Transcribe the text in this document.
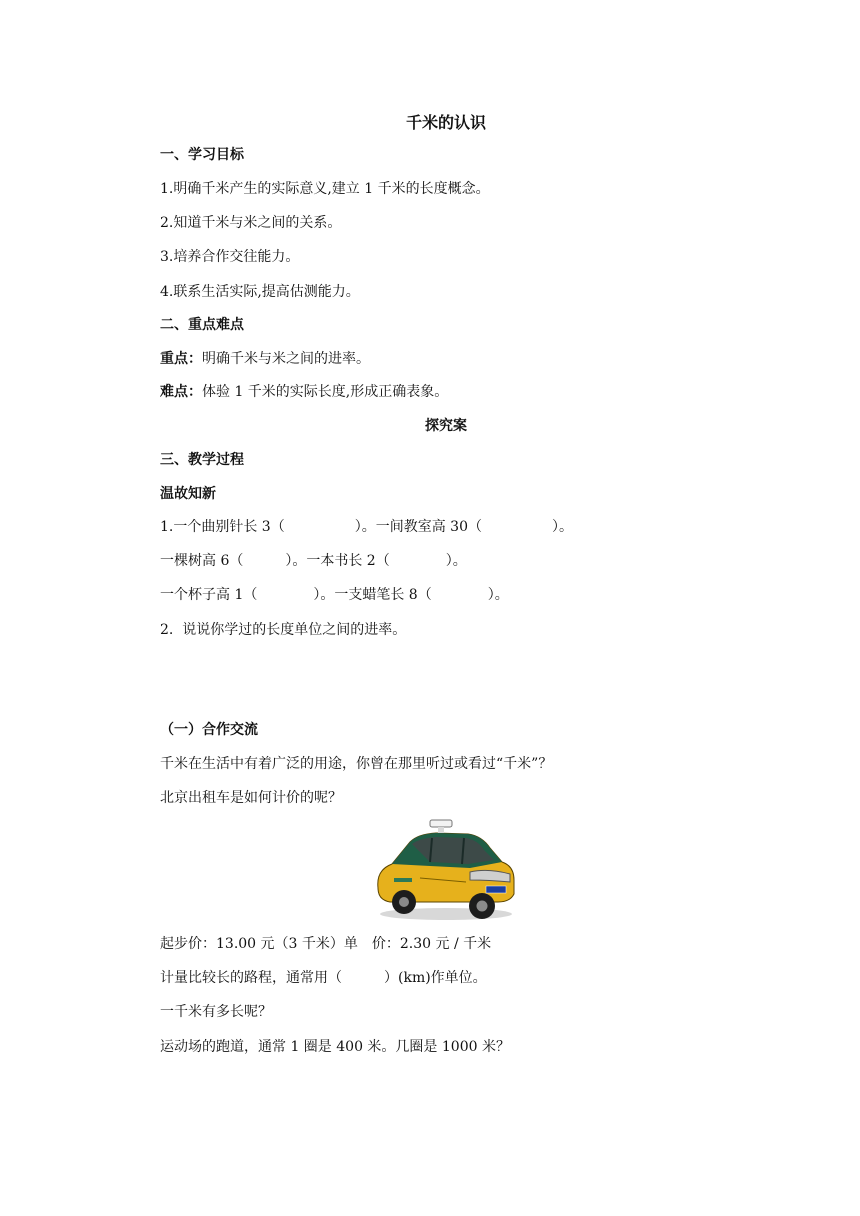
千米的认识
一、学习目标
1.明确千米产生的实际意义,建立 1 千米的长度概念。
2.知道千米与米之间的关系。
3.培养合作交往能力。
4.联系生活实际,提高估测能力。
二、重点难点
重点：明确千米与米之间的进率。
难点：体验 1 千米的实际长度,形成正确表象。
探究案
三、教学过程
温故知新
1.一个曲别针长 3（　　　　　）。一间教室高 30（　　　　　）。
一棵树高 6（　　　）。一本书长 2（　　　　）。
一个杯子高 1（　　　　）。一支蜡笔长 8（　　　　）。
2.  说说你学过的长度单位之间的进率。
（一）合作交流
千米在生活中有着广泛的用途，你曾在那里听过或看过“千米”？
北京出租车是如何计价的呢？
起步价：13.00 元（3 千米）单　价：2.30 元 / 千米
计量比较长的路程，通常用（　　　）(km)作单位。
一千米有多长呢？
运动场的跑道，通常 1 圈是 400 米。几圈是 1000 米？
